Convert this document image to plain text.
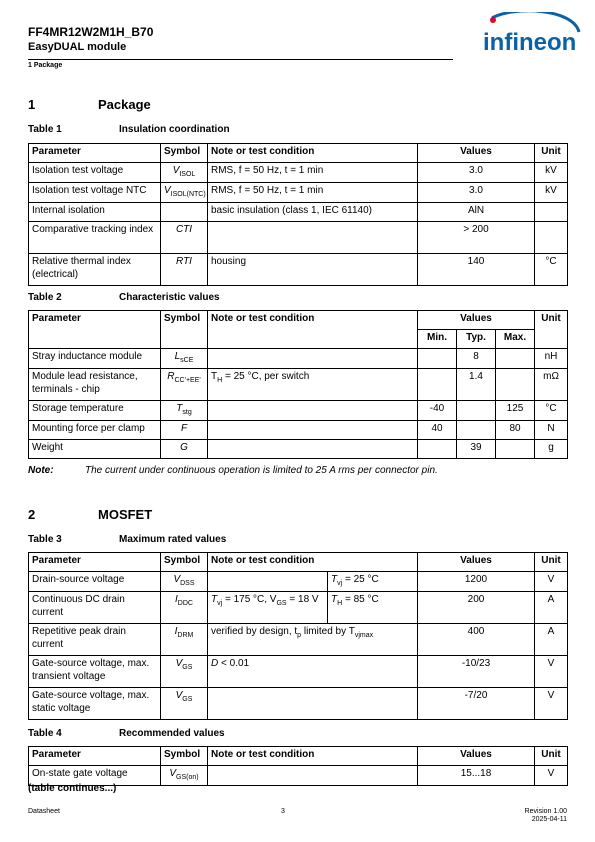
FF4MR12W2M1H_B70
EasyDUAL module
1 Package
infineon
1	Package
Table 1	Insulation coordination
Parameter	Symbol	Note or test condition	Values	Unit
Isolation test voltage	$V_{ISOL}$	RMS, f = 50 Hz, t = 1 min	3.0	kV
Isolation test voltage NTC	$V_{ISOL(NTC)}$	RMS, f = 50 Hz, t = 1 min	3.0	kV
Internal isolation		basic insulation (class 1, IEC 61140)	AlN	
Comparative tracking index	CTI		> 200	
Relative thermal index (electrical)	RTI	housing	140	°C
Table 2	Characteristic values
Parameter	Symbol	Note or test condition	Values			Unit
			Min.	Typ.	Max.	
Stray inductance module	$L_{sCE}$			8		nH
Module lead resistance, terminals - chip	$R_{CC'+EE'}$	$T_H = 25$ °C, per switch		1.4		mΩ
Storage temperature	$T_{stg}$		-40		125	°C
Mounting force per clamp	F		40		80	N
Weight	G			39		g
Note:	The current under continuous operation is limited to 25 A rms per connector pin.
2	MOSFET
Table 3	Maximum rated values
Parameter	Symbol	Note or test condition		Values	Unit
Drain-source voltage	$V_{DSS}$		$T_{vj} = 25$ °C	1200	V
Continuous DC drain current	$I_{DDC}$	$T_{vj} = 175$ °C, $V_{GS} = 18$ V	$T_H = 85$ °C	200	A
Repetitive peak drain current	$I_{DRM}$	verified by design, $t_p$ limited by $T_{vjmax}$		400	A
Gate-source voltage, max. transient voltage	$V_{GS}$	D < 0.01		-10/23	V
Gate-source voltage, max. static voltage	$V_{GS}$			-7/20	V
Table 4	Recommended values
Parameter	Symbol	Note or test condition	Values	Unit
On-state gate voltage	$V_{GS(on)}$		15...18	V
(table continues...)
Datasheet	3	Revision 1.00
2025-04-11
